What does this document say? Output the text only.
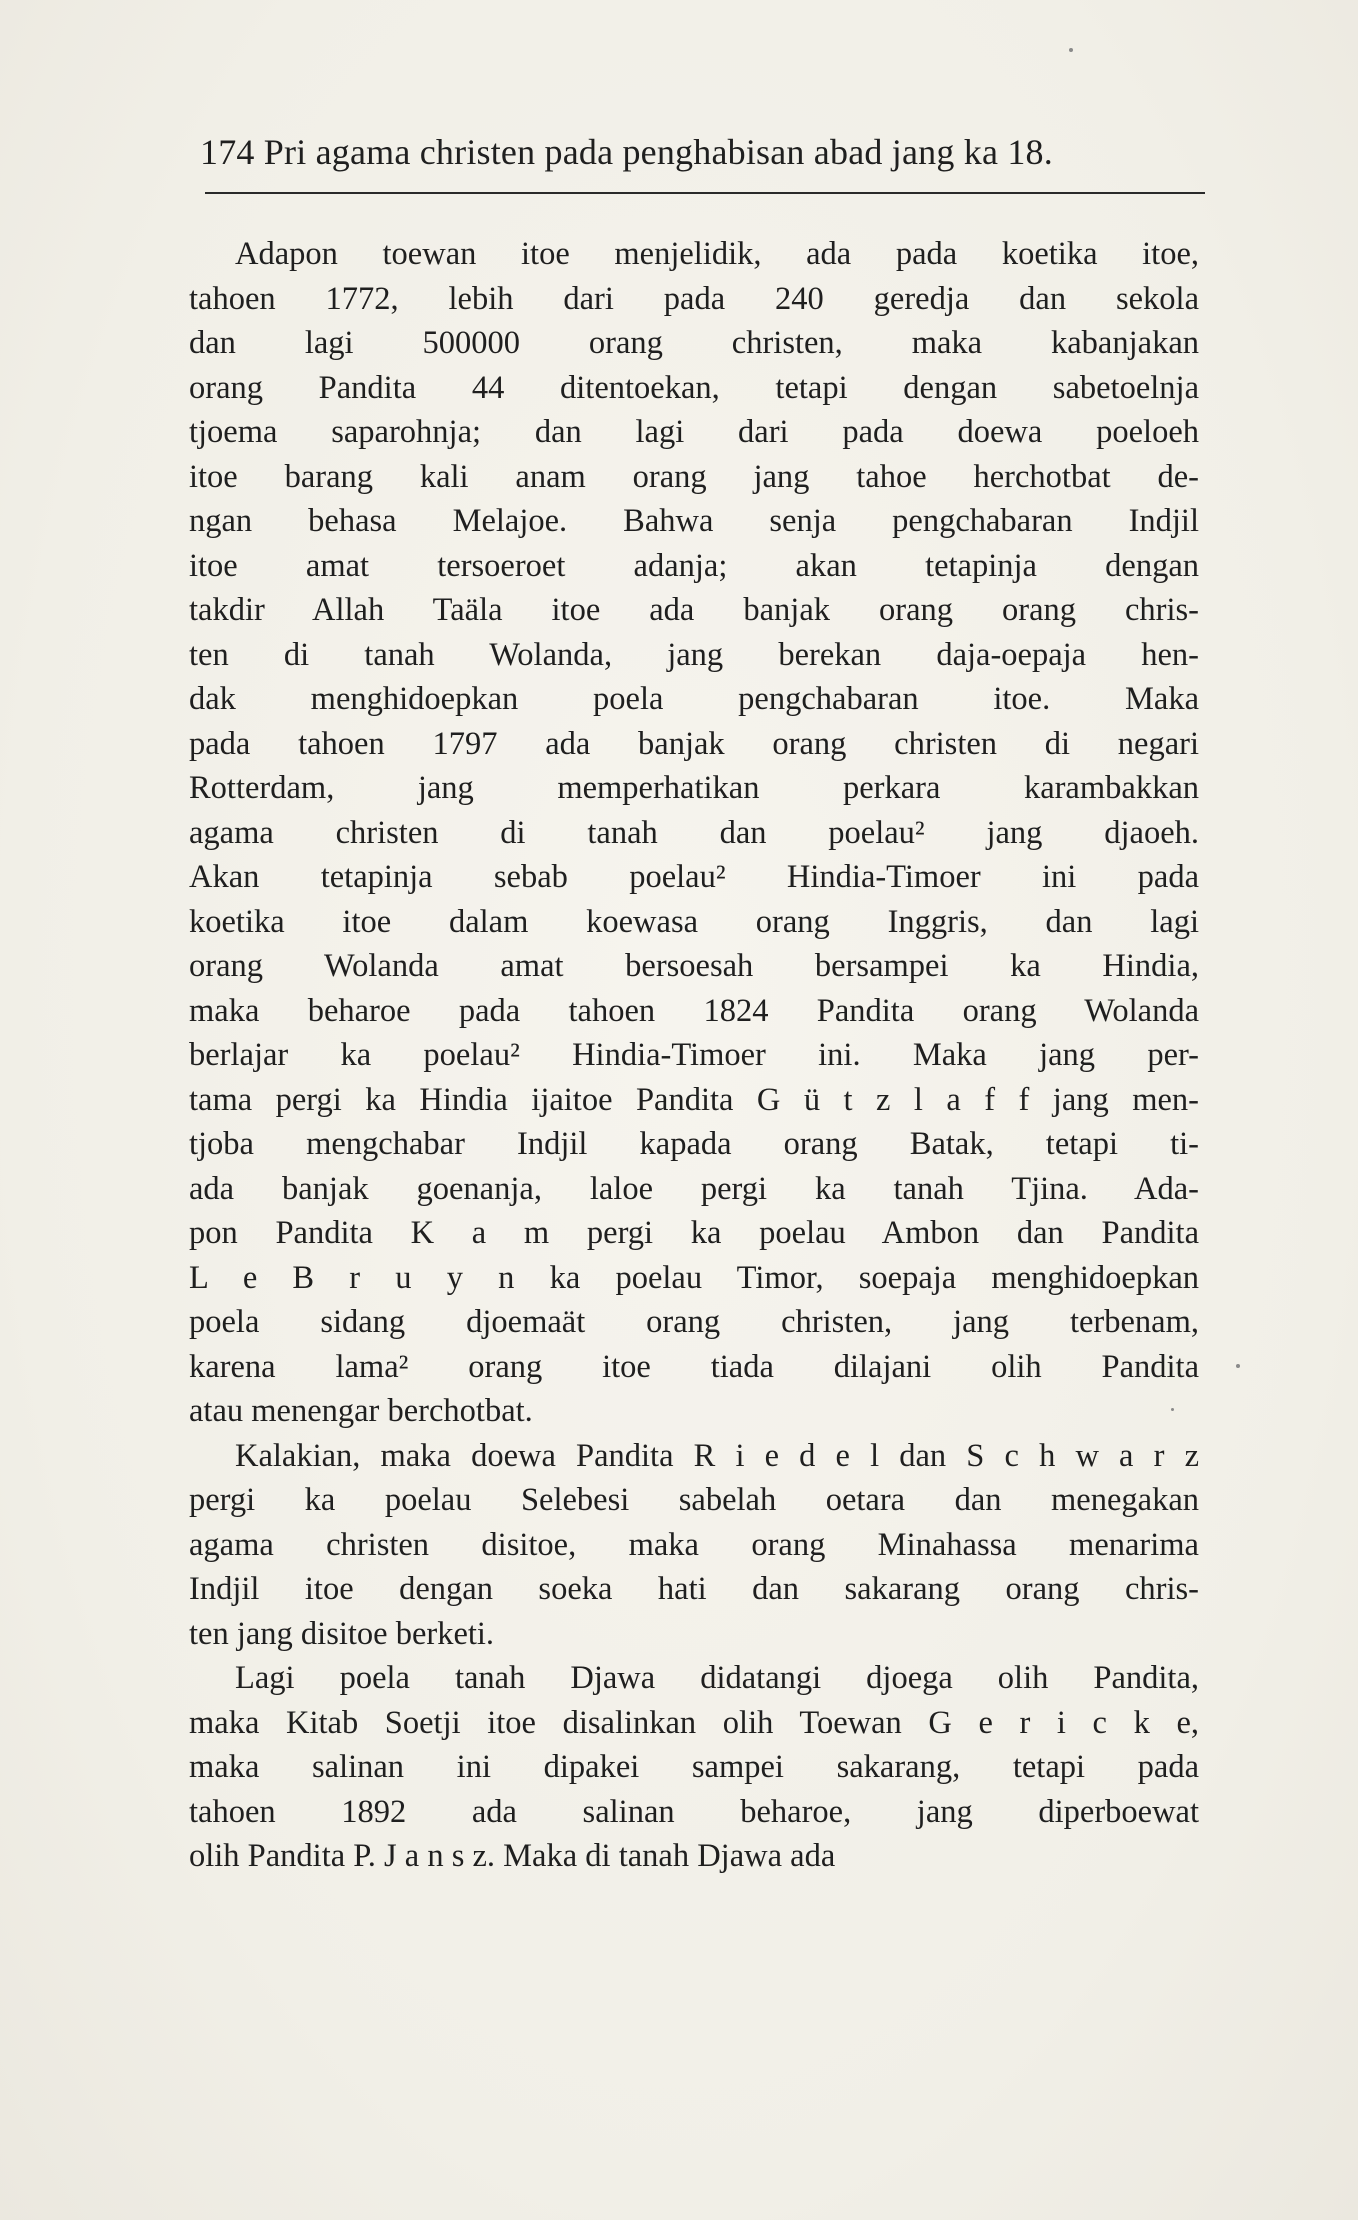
174 Pri agama christen pada penghabisan abad jang ka 18.
Adapon toewan itoe menjelidik, ada pada koetika itoe,
tahoen 1772, lebih dari pada 240 geredja dan sekola
dan lagi 500000 orang christen, maka kabanjakan
orang Pandita 44 ditentoekan, tetapi dengan sabetoelnja
tjoema saparohnja; dan lagi dari pada doewa poeloeh
itoe barang kali anam orang jang tahoe herchotbat de-
ngan behasa Melajoe. Bahwa senja pengchabaran Indjil
itoe amat tersoeroet adanja; akan tetapinja dengan
takdir Allah Taäla itoe ada banjak orang orang chris-
ten di tanah Wolanda, jang berekan daja-oepaja hen-
dak menghidoepkan poela pengchabaran itoe. Maka
pada tahoen 1797 ada banjak orang christen di negari
Rotterdam, jang memperhatikan perkara karambakkan
agama christen di tanah dan poelau² jang djaoeh.
Akan tetapinja sebab poelau² Hindia-Timoer ini pada
koetika itoe dalam koewasa orang Inggris, dan lagi
orang Wolanda amat bersoesah bersampei ka Hindia,
maka beharoe pada tahoen 1824 Pandita orang Wolanda
berlajar ka poelau² Hindia-Timoer ini. Maka jang per-
tama pergi ka Hindia ijaitoe Pandita G ü t z l a f f jang men-
tjoba mengchabar Indjil kapada orang Batak, tetapi ti-
ada banjak goenanja, laloe pergi ka tanah Tjina. Ada-
pon Pandita K a m pergi ka poelau Ambon dan Pandita
L e B r u y n ka poelau Timor, soepaja menghidoepkan
poela sidang djoemaät orang christen, jang terbenam,
karena lama² orang itoe tiada dilajani olih Pandita
atau menengar berchotbat.
Kalakian, maka doewa Pandita R i e d e l dan S c h w a r z
pergi ka poelau Selebesi sabelah oetara dan menegakan
agama christen disitoe, maka orang Minahassa menarima
Indjil itoe dengan soeka hati dan sakarang orang chris-
ten jang disitoe berketi.
Lagi poela tanah Djawa didatangi djoega olih Pandita,
maka Kitab Soetji itoe disalinkan olih Toewan G e r i c k e,
maka salinan ini dipakei sampei sakarang, tetapi pada
tahoen 1892 ada salinan beharoe, jang diperboewat
olih Pandita P. J a n s z. Maka di tanah Djawa ada
